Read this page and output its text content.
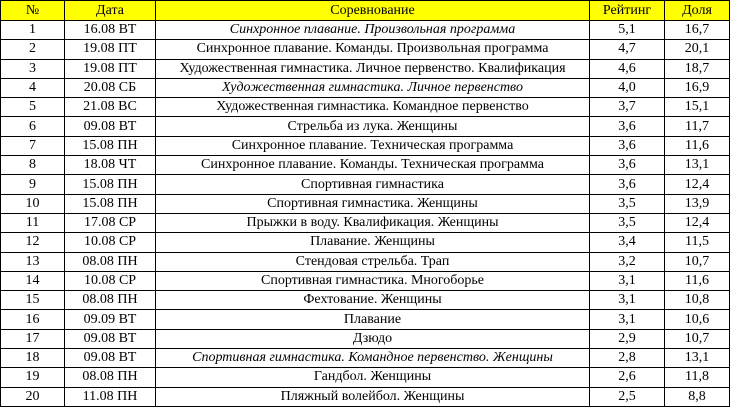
№	Дата	Соревнование	Рейтинг	Доля
1	16.08 ВТ	Синхронное плавание. Произвольная программа	5,1	16,7
2	19.08 ПТ	Синхронное плавание. Команды. Произвольная программа	4,7	20,1
3	19.08 ПТ	Художественная гимнастика. Личное первенство. Квалификация	4,6	18,7
4	20.08 СБ	Художественная гимнастика. Личное первенство	4,0	16,9
5	21.08 ВС	Художественная гимнастика. Командное первенство	3,7	15,1
6	09.08 ВТ	Стрельба из лука. Женщины	3,6	11,7
7	15.08 ПН	Синхронное плавание. Техническая программа	3,6	11,6
8	18.08 ЧТ	Синхронное плавание. Команды. Техническая программа	3,6	13,1
9	15.08 ПН	Спортивная гимнастика	3,6	12,4
10	15.08 ПН	Спортивная гимнастика. Женщины	3,5	13,9
11	17.08 СР	Прыжки в воду. Квалификация. Женщины	3,5	12,4
12	10.08 СР	Плавание. Женщины	3,4	11,5
13	08.08 ПН	Стендовая стрельба. Трап	3,2	10,7
14	10.08 СР	Спортивная гимнастика. Многоборье	3,1	11,6
15	08.08 ПН	Фехтование. Женщины	3,1	10,8
16	09.09 ВТ	Плавание	3,1	10,6
17	09.08 ВТ	Дзюдо	2,9	10,7
18	09.08 ВТ	Спортивная гимнастика. Командное первенство. Женщины	2,8	13,1
19	08.08 ПН	Гандбол. Женщины	2,6	11,8
20	11.08 ПН	Пляжный волейбол. Женщины	2,5	8,8
